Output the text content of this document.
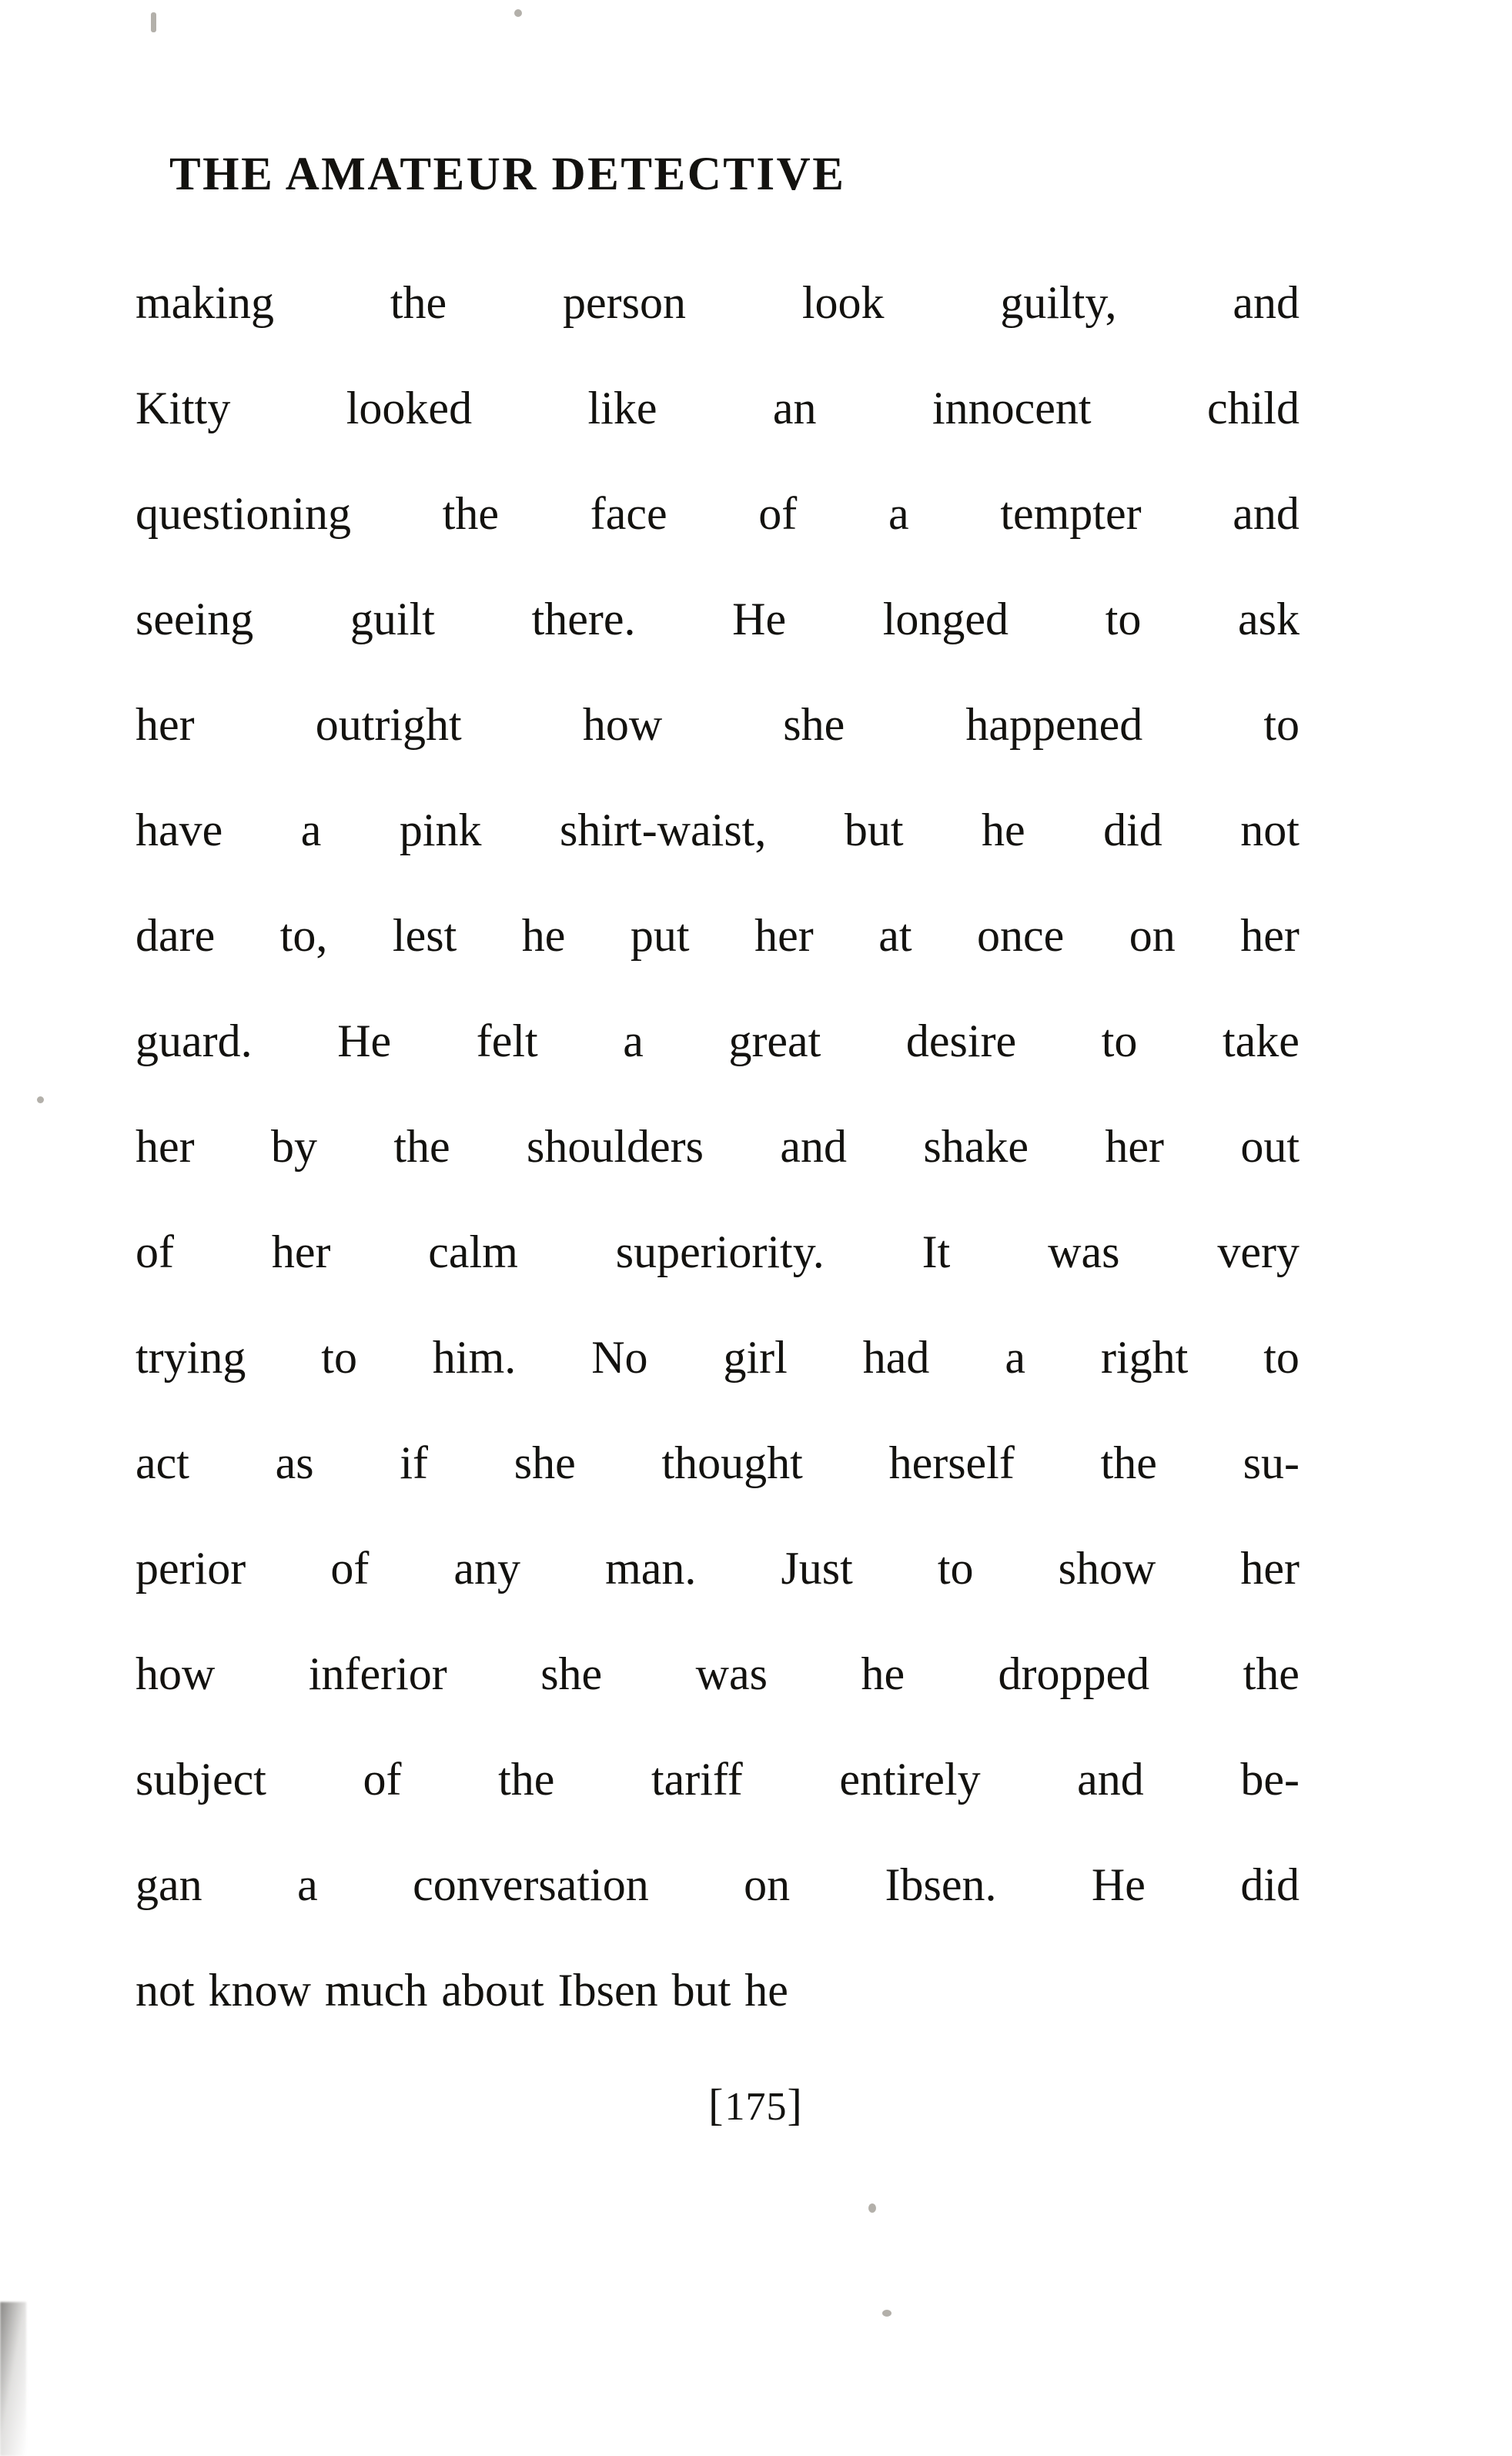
THE AMATEUR DETECTIVE
making	the	person	look	guilty,	and
Kitty	looked	like	an	innocent	child
questioning the face of a tempter and
seeing guilt there. He longed to ask
her	outright	how	she	happened	to
have a pink shirt-waist, but he did not
dare to, lest he put her at once on her
guard. He felt a great desire to take
her by the shoulders and shake her out
of her calm superiority. It was very
trying to him. No girl had a right to
act as if she thought herself the su-
perior of any man. Just to show her
how inferior she was he dropped the
subject of the tariff entirely and be-
gan a conversation on Ibsen. He did
not know much about Ibsen but he
[175]
